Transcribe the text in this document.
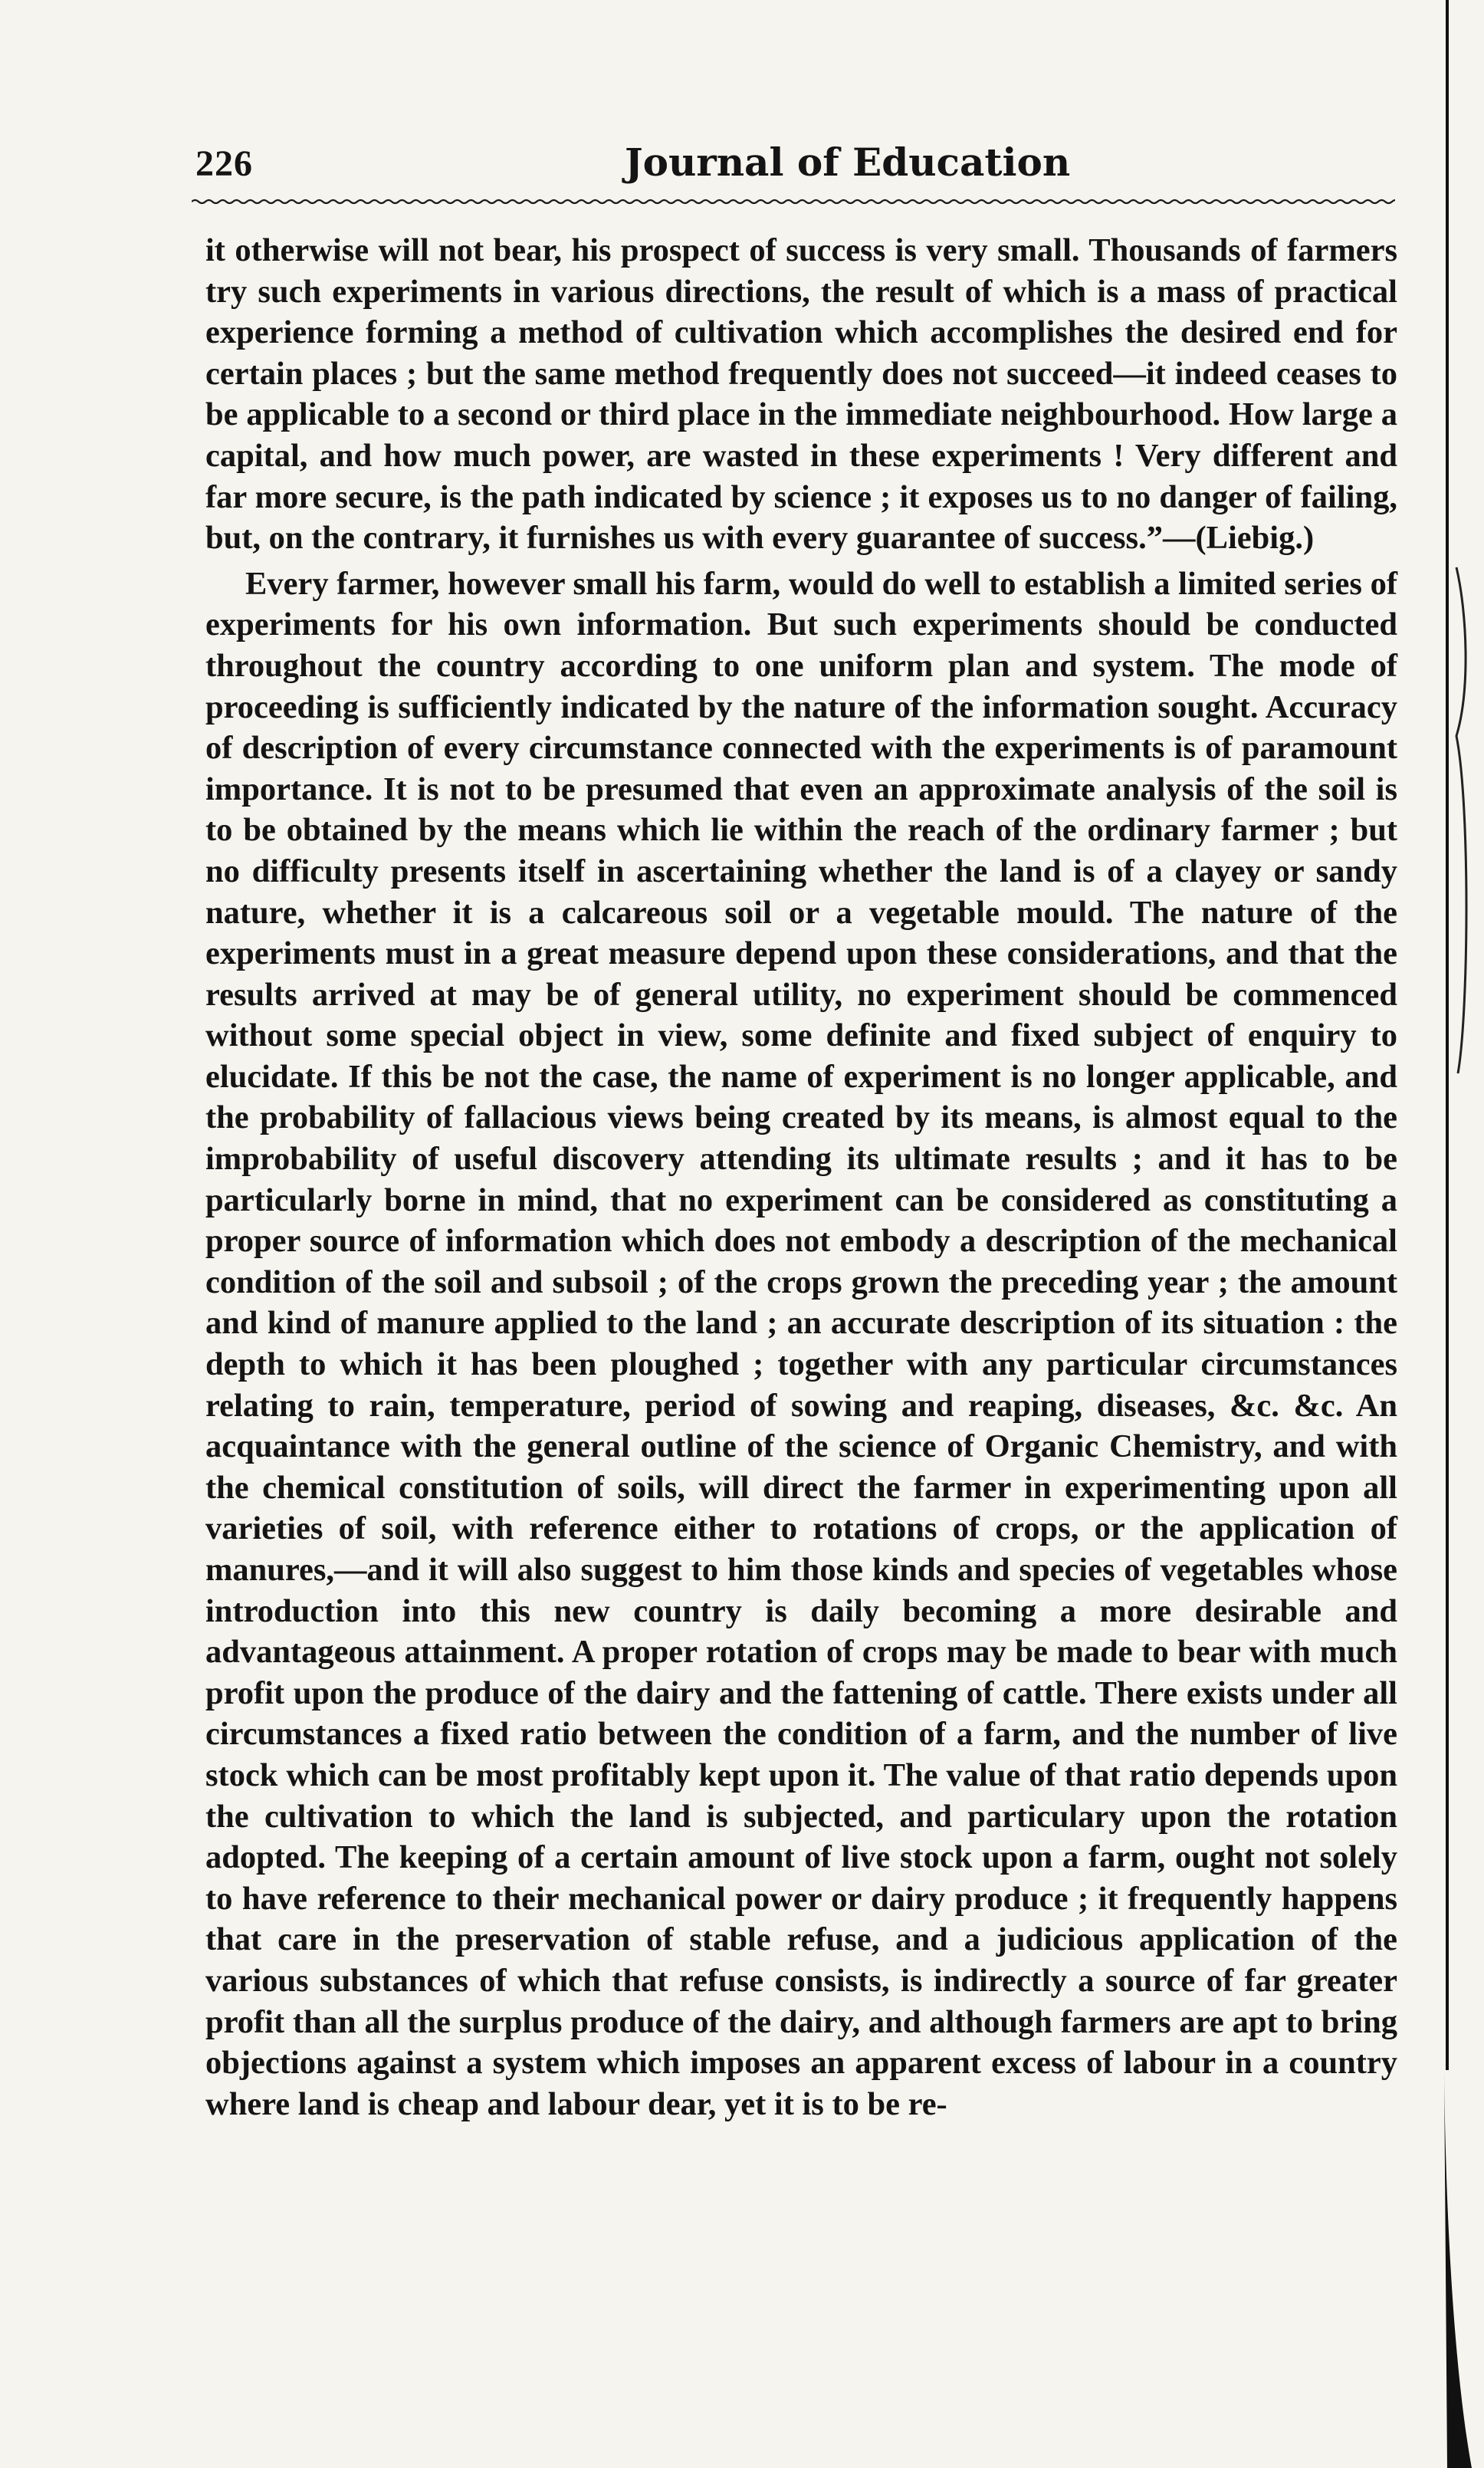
226	Journal of Education

it otherwise will not bear, his prospect of success is very small. Thousands of farmers try such experiments in various directions, the result of which is a mass of practical experience forming a method of cultivation which accomplishes the desired end for certain places ; but the same method frequently does not succeed—it indeed ceases to be applicable to a second or third place in the immediate neighbourhood. How large a capital, and how much power, are wasted in these experiments ! Very different and far more secure, is the path indicated by science ; it exposes us to no danger of failing, but, on the contrary, it furnishes us with every guarantee of success.”—(Liebig.)

Every farmer, however small his farm, would do well to establish a limited series of experiments for his own information. But such experiments should be conducted throughout the country according to one uniform plan and system. The mode of proceeding is sufficiently indicated by the nature of the information sought. Accuracy of description of every circumstance connected with the experiments is of paramount importance. It is not to be presumed that even an approximate analysis of the soil is to be obtained by the means which lie within the reach of the ordinary farmer ; but no difficulty presents itself in ascertaining whether the land is of a clayey or sandy nature, whether it is a calcareous soil or a vegetable mould. The nature of the experiments must in a great measure depend upon these considerations, and that the results arrived at may be of general utility, no experiment should be commenced without some special object in view, some definite and fixed subject of enquiry to elucidate. If this be not the case, the name of experiment is no longer applicable, and the probability of fallacious views being created by its means, is almost equal to the improbability of useful discovery attending its ultimate results ; and it has to be particularly borne in mind, that no experiment can be considered as constituting a proper source of information which does not embody a description of the mechanical condition of the soil and subsoil ; of the crops grown the preceding year ; the amount and kind of manure applied to the land ; an accurate description of its situation : the depth to which it has been ploughed ; together with any particular circumstances relating to rain, temperature, period of sowing and reaping, diseases, &c. &c. An acquaintance with the general outline of the science of Organic Chemistry, and with the chemical constitution of soils, will direct the farmer in experimenting upon all varieties of soil, with reference either to rotations of crops, or the application of manures,—and it will also suggest to him those kinds and species of vegetables whose introduction into this new country is daily becoming a more desirable and advantageous attainment. A proper rotation of crops may be made to bear with much profit upon the produce of the dairy and the fattening of cattle. There exists under all circumstances a fixed ratio between the condition of a farm, and the number of live stock which can be most profitably kept upon it. The value of that ratio depends upon the cultivation to which the land is subjected, and particulary upon the rotation adopted. The keeping of a certain amount of live stock upon a farm, ought not solely to have reference to their mechanical power or dairy produce ; it frequently happens that care in the preservation of stable refuse, and a judicious application of the various substances of which that refuse consists, is indirectly a source of far greater profit than all the surplus produce of the dairy, and although farmers are apt to bring objections against a system which imposes an apparent excess of labour in a country where land is cheap and labour dear, yet it is to be re-
